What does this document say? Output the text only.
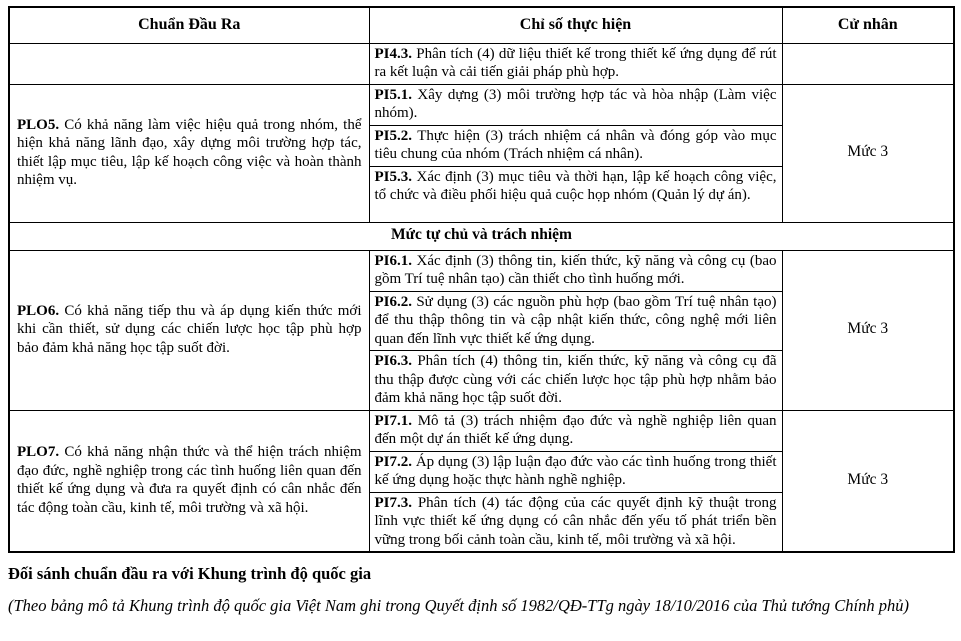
Chuẩn Đầu Ra	Chỉ số thực hiện	Cử nhân
	PI4.3. Phân tích (4) dữ liệu thiết kế trong thiết kế ứng dụng để rút ra kết luận và cải tiến giải pháp phù hợp.	
PLO5. Có khả năng làm việc hiệu quả trong nhóm, thể hiện khả năng lãnh đạo, xây dựng môi trường hợp tác, thiết lập mục tiêu, lập kế hoạch công việc và hoàn thành nhiệm vụ.	PI5.1. Xây dựng (3) môi trường hợp tác và hòa nhập (Làm việc nhóm).	Mức 3
	PI5.2. Thực hiện (3) trách nhiệm cá nhân và đóng góp vào mục tiêu chung của nhóm (Trách nhiệm cá nhân).	
	PI5.3. Xác định (3) mục tiêu và thời hạn, lập kế hoạch công việc, tổ chức và điều phối hiệu quả cuộc họp nhóm (Quản lý dự án).	
Mức tự chủ và trách nhiệm		
PLO6. Có khả năng tiếp thu và áp dụng kiến thức mới khi cần thiết, sử dụng các chiến lược học tập phù hợp bảo đảm khả năng học tập suốt đời.	PI6.1. Xác định (3) thông tin, kiến thức, kỹ năng và công cụ (bao gồm Trí tuệ nhân tạo) cần thiết cho tình huống mới.	Mức 3
	PI6.2. Sử dụng (3) các nguồn phù hợp (bao gồm Trí tuệ nhân tạo) để thu thập thông tin và cập nhật kiến thức, công nghệ mới liên quan đến lĩnh vực thiết kế ứng dụng.	
	PI6.3. Phân tích (4) thông tin, kiến thức, kỹ năng và công cụ đã thu thập được cùng với các chiến lược học tập phù hợp nhằm bảo đảm khả năng học tập suốt đời.	
PLO7. Có khả năng nhận thức và thể hiện trách nhiệm đạo đức, nghề nghiệp trong các tình huống liên quan đến thiết kế ứng dụng và đưa ra quyết định có cân nhắc đến tác động toàn cầu, kinh tế, môi trường và xã hội.	PI7.1. Mô tả (3) trách nhiệm đạo đức và nghề nghiệp liên quan đến một dự án thiết kế ứng dụng.	Mức 3
	PI7.2. Áp dụng (3) lập luận đạo đức vào các tình huống trong thiết kế ứng dụng hoặc thực hành nghề nghiệp.	
	PI7.3. Phân tích (4) tác động của các quyết định kỹ thuật trong lĩnh vực thiết kế ứng dụng có cân nhắc đến yếu tố phát triển bền vững trong bối cảnh toàn cầu, kinh tế, môi trường và xã hội.	

Đối sánh chuẩn đầu ra với Khung trình độ quốc gia

(Theo bảng mô tả Khung trình độ quốc gia Việt Nam ghi trong Quyết định số 1982/QĐ-TTg ngày 18/10/2016 của Thủ tướng Chính phủ)
